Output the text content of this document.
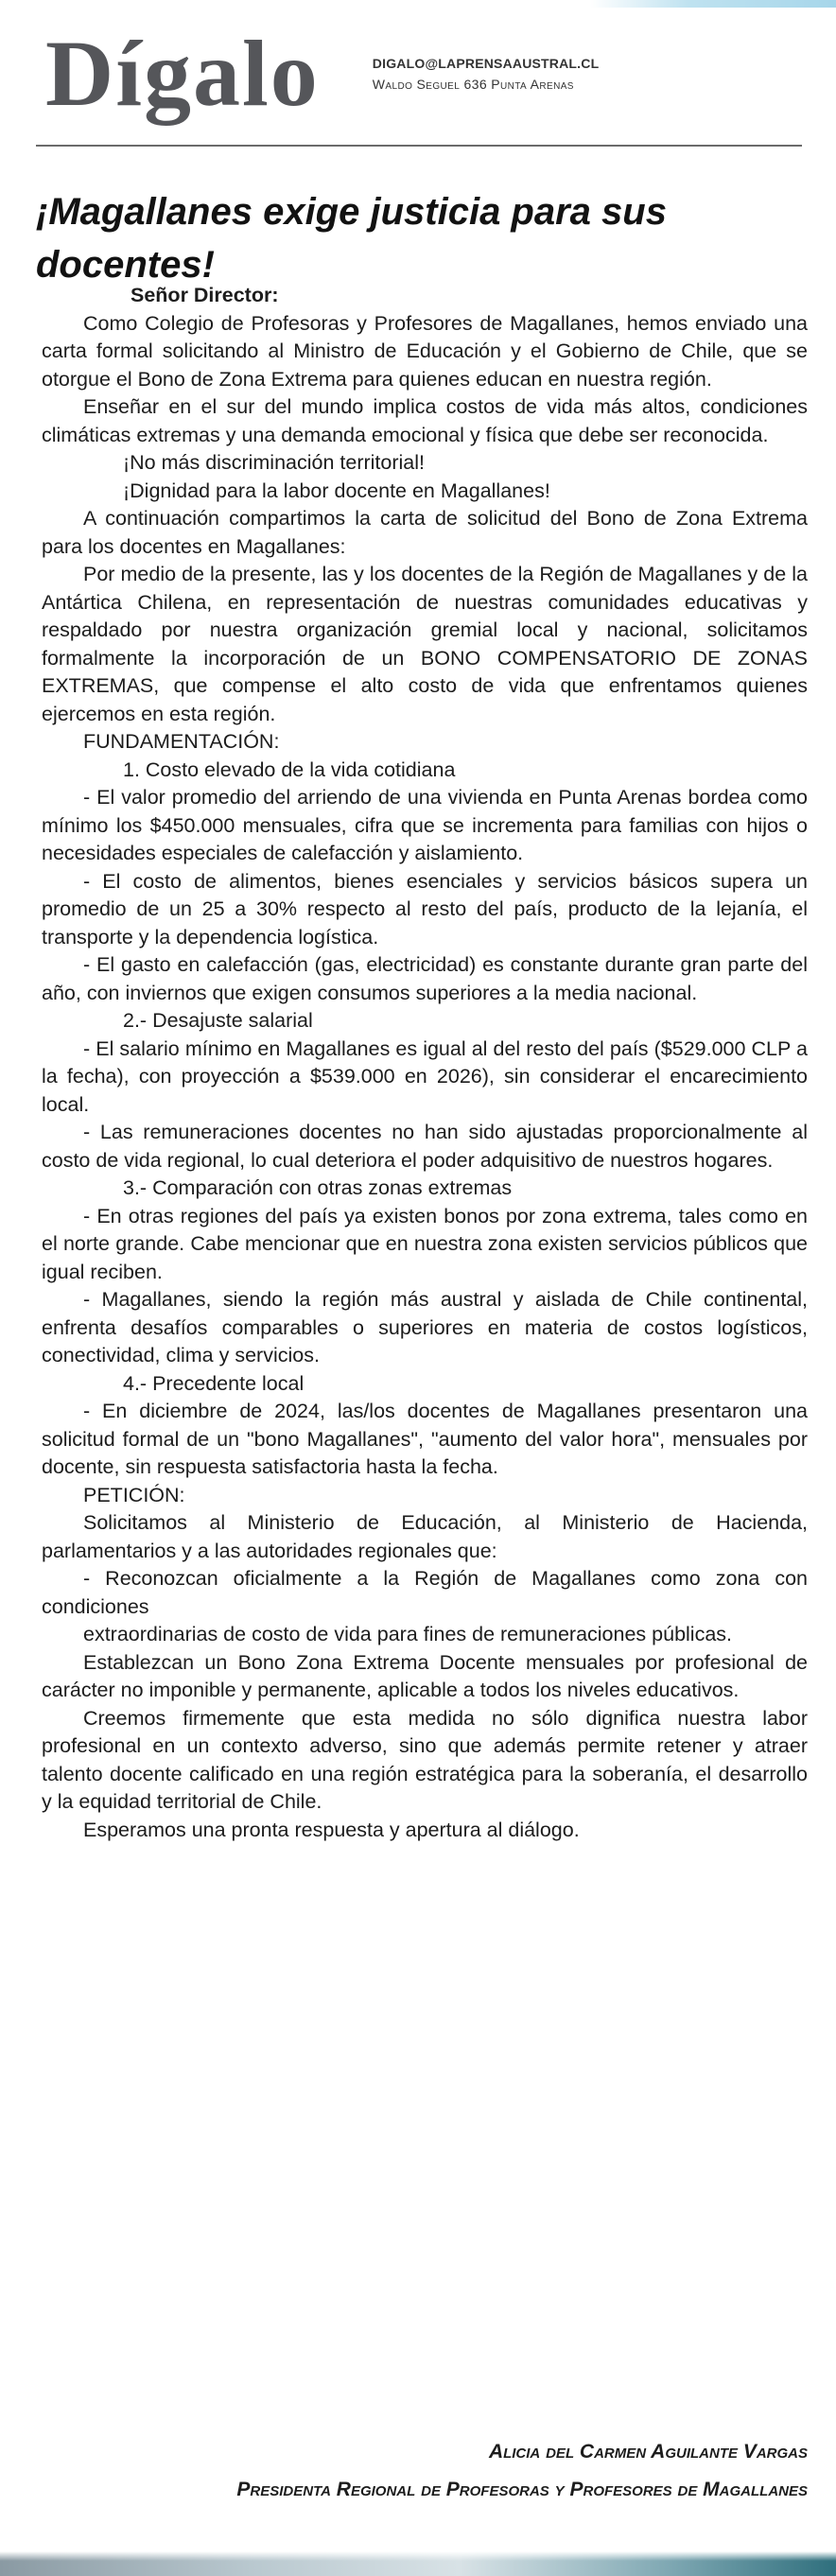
Dígalo	DIGALO@LAPRENSAAUSTRAL.CL
Waldo Seguel 636 Punta Arenas
¡Magallanes exige justicia para sus docentes!

Señor Director:

Como Colegio de Profesoras y Profesores de Magallanes, hemos enviado una carta formal solicitando al Ministro de Educación y el Gobierno de Chile, que se otorgue el Bono de Zona Extrema para quienes educan en nuestra región.

Enseñar en el sur del mundo implica costos de vida más altos, condiciones climáticas extremas y una demanda emocional y física que debe ser reconocida.

¡No más discriminación territorial!

¡Dignidad para la labor docente en Magallanes!

A continuación compartimos la carta de solicitud del Bono de Zona Extrema para los docentes en Magallanes:

Por medio de la presente, las y los docentes de la Región de Magallanes y de la Antártica Chilena, en representación de nuestras comunidades educativas y respaldado por nuestra organización gremial local y nacional, solicitamos formalmente la incorporación de un BONO COMPENSATORIO DE ZONAS EXTREMAS, que compense el alto costo de vida que enfrentamos quienes ejercemos en esta región.

FUNDAMENTACIÓN:

1. Costo elevado de la vida cotidiana

- El valor promedio del arriendo de una vivienda en Punta Arenas bordea como mínimo los $450.000 mensuales, cifra que se incrementa para familias con hijos o necesidades especiales de calefacción y aislamiento.

- El costo de alimentos, bienes esenciales y servicios básicos supera un promedio de un 25 a 30% respecto al resto del país, producto de la lejanía, el transporte y la dependencia logística.

- El gasto en calefacción (gas, electricidad) es constante durante gran parte del año, con inviernos que exigen consumos superiores a la media nacional.

2.- Desajuste salarial

- El salario mínimo en Magallanes es igual al del resto del país ($529.000 CLP a la fecha), con proyección a $539.000 en 2026), sin considerar el encarecimiento local.

- Las remuneraciones docentes no han sido ajustadas proporcionalmente al costo de vida regional, lo cual deteriora el poder adquisitivo de nuestros hogares.

3.- Comparación con otras zonas extremas

- En otras regiones del país ya existen bonos por zona extrema, tales como en el norte grande. Cabe mencionar que en nuestra zona existen servicios públicos que igual reciben.

- Magallanes, siendo la región más austral y aislada de Chile continental, enfrenta desafíos comparables o superiores en materia de costos logísticos, conectividad, clima y servicios.

4.- Precedente local

- En diciembre de 2024, las/los docentes de Magallanes presentaron una solicitud formal de un "bono Magallanes", "aumento del valor hora", mensuales por docente, sin respuesta satisfactoria hasta la fecha.

PETICIÓN:

Solicitamos al Ministerio de Educación, al Ministerio de Hacienda, parlamentarios y a las autoridades regionales que:

- Reconozcan oficialmente a la Región de Magallanes como zona con condiciones

extraordinarias de costo de vida para fines de remuneraciones públicas.

Establezcan un Bono Zona Extrema Docente mensuales por profesional de carácter no imponible y permanente, aplicable a todos los niveles educativos.

Creemos firmemente que esta medida no sólo dignifica nuestra labor profesional en un contexto adverso, sino que además permite retener y atraer talento docente calificado en una región estratégica para la soberanía, el desarrollo y la equidad territorial de Chile.

Esperamos una pronta respuesta y apertura al diálogo.

Alicia del Carmen Aguilante Vargas
Presidenta Regional de Profesoras y Profesores de Magallanes
